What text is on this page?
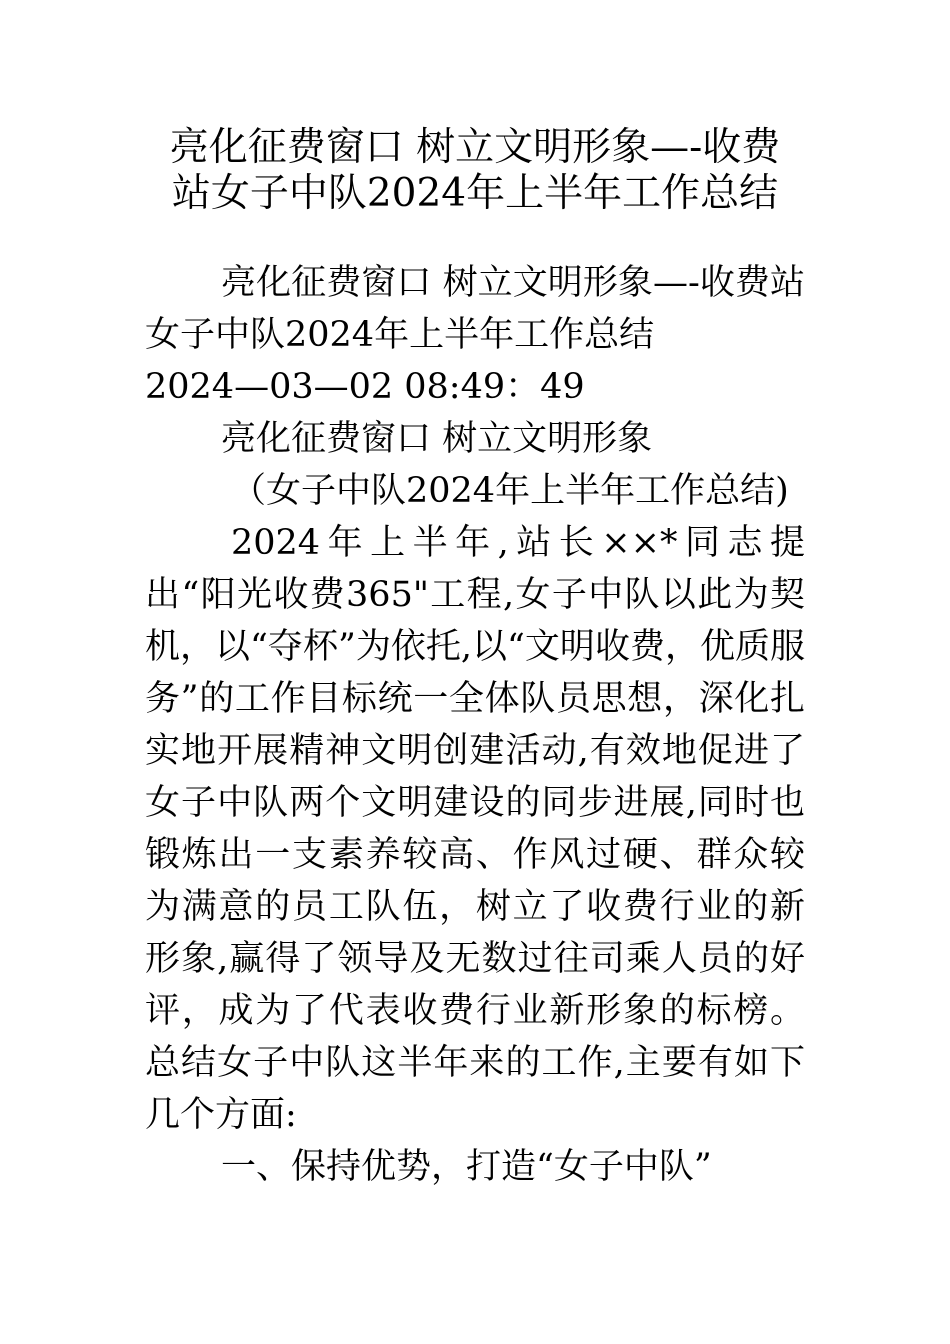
亮化征费窗口 树立文明形象—-收费
站女子中队2024年上半年工作总结

亮化征费窗口 树立文明形象—-收费站女子中队2024年上半年工作总结

2024—03—02 08:49：49

亮化征费窗口 树立文明形象

（女子中队2024年上半年工作总结)

2024年上半年,站长××*同志提出“阳光收费365"工程,女子中队以此为契机，以“夺杯”为依托,以“文明收费，优质服务”的工作目标统一全体队员思想，深化扎实地开展精神文明创建活动,有效地促进了女子中队两个文明建设的同步进展,同时也锻炼出一支素养较高、作风过硬、群众较为满意的员工队伍，树立了收费行业的新形象,赢得了领导及无数过往司乘人员的好评，成为了代表收费行业新形象的标榜。总结女子中队这半年来的工作,主要有如下几个方面:

一、保持优势，打造“女子中队”
